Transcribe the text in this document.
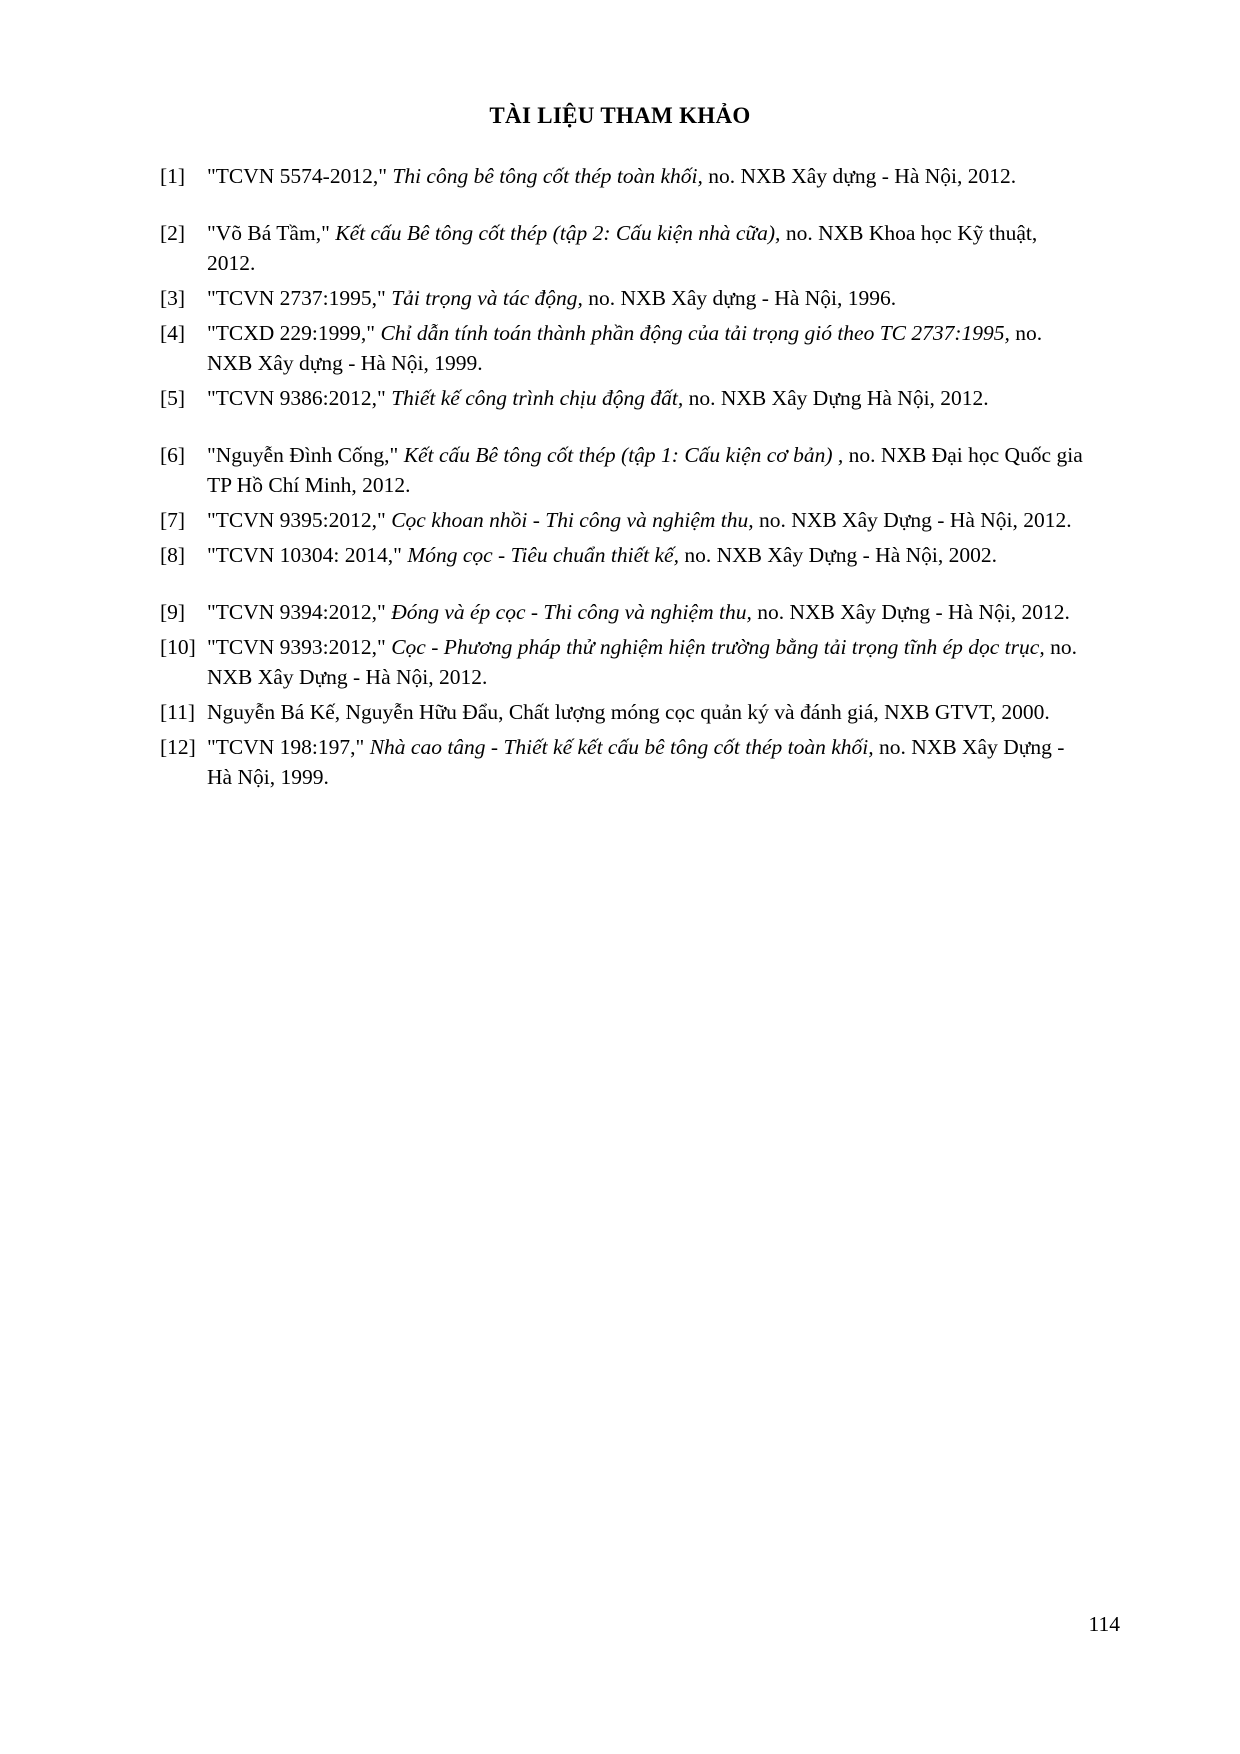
TÀI LIỆU THAM KHẢO
[1]	"TCVN 5574-2012," Thi công bê tông cốt thép toàn khối, no. NXB Xây dựng - Hà Nội, 2012.
[2]	"Võ Bá Tầm," Kết cấu Bê tông cốt thép (tập 2: Cấu kiện nhà cữa), no. NXB Khoa học Kỹ thuật, 2012.
[3]	"TCVN 2737:1995," Tải trọng và tác động, no. NXB Xây dựng - Hà Nội, 1996.
[4]	"TCXD 229:1999," Chỉ dẫn tính toán thành phần động của tải trọng gió theo TC 2737:1995, no. NXB Xây dựng - Hà Nội, 1999.
[5]	"TCVN 9386:2012," Thiết kế công trình chịu động đất, no. NXB Xây Dựng Hà Nội, 2012.
[6]	"Nguyễn Đình Cống," Kết cấu Bê tông cốt thép (tập 1: Cấu kiện cơ bản) , no. NXB Đại học Quốc gia TP Hồ Chí Minh, 2012.
[7]	"TCVN 9395:2012," Cọc khoan nhồi - Thi công và nghiệm thu, no. NXB Xây Dựng - Hà Nội, 2012.
[8]	"TCVN 10304: 2014," Móng cọc - Tiêu chuẩn thiết kế, no. NXB Xây Dựng - Hà Nội, 2002.
[9]	"TCVN 9394:2012," Đóng và ép cọc - Thi công và nghiệm thu, no. NXB Xây Dựng - Hà Nội, 2012.
[10] "TCVN 9393:2012," Cọc - Phương pháp thử nghiệm hiện trường bằng tải trọng tĩnh ép dọc trục, no. NXB Xây Dựng - Hà Nội, 2012.
[11] Nguyễn Bá Kế, Nguyễn Hữu Đẩu, Chất lượng móng cọc quản ký và đánh giá, NXB GTVT, 2000.
[12] "TCVN 198:197," Nhà cao tâng - Thiết kế kết cấu bê tông cốt thép toàn khối, no. NXB Xây Dựng - Hà Nội, 1999.
114
